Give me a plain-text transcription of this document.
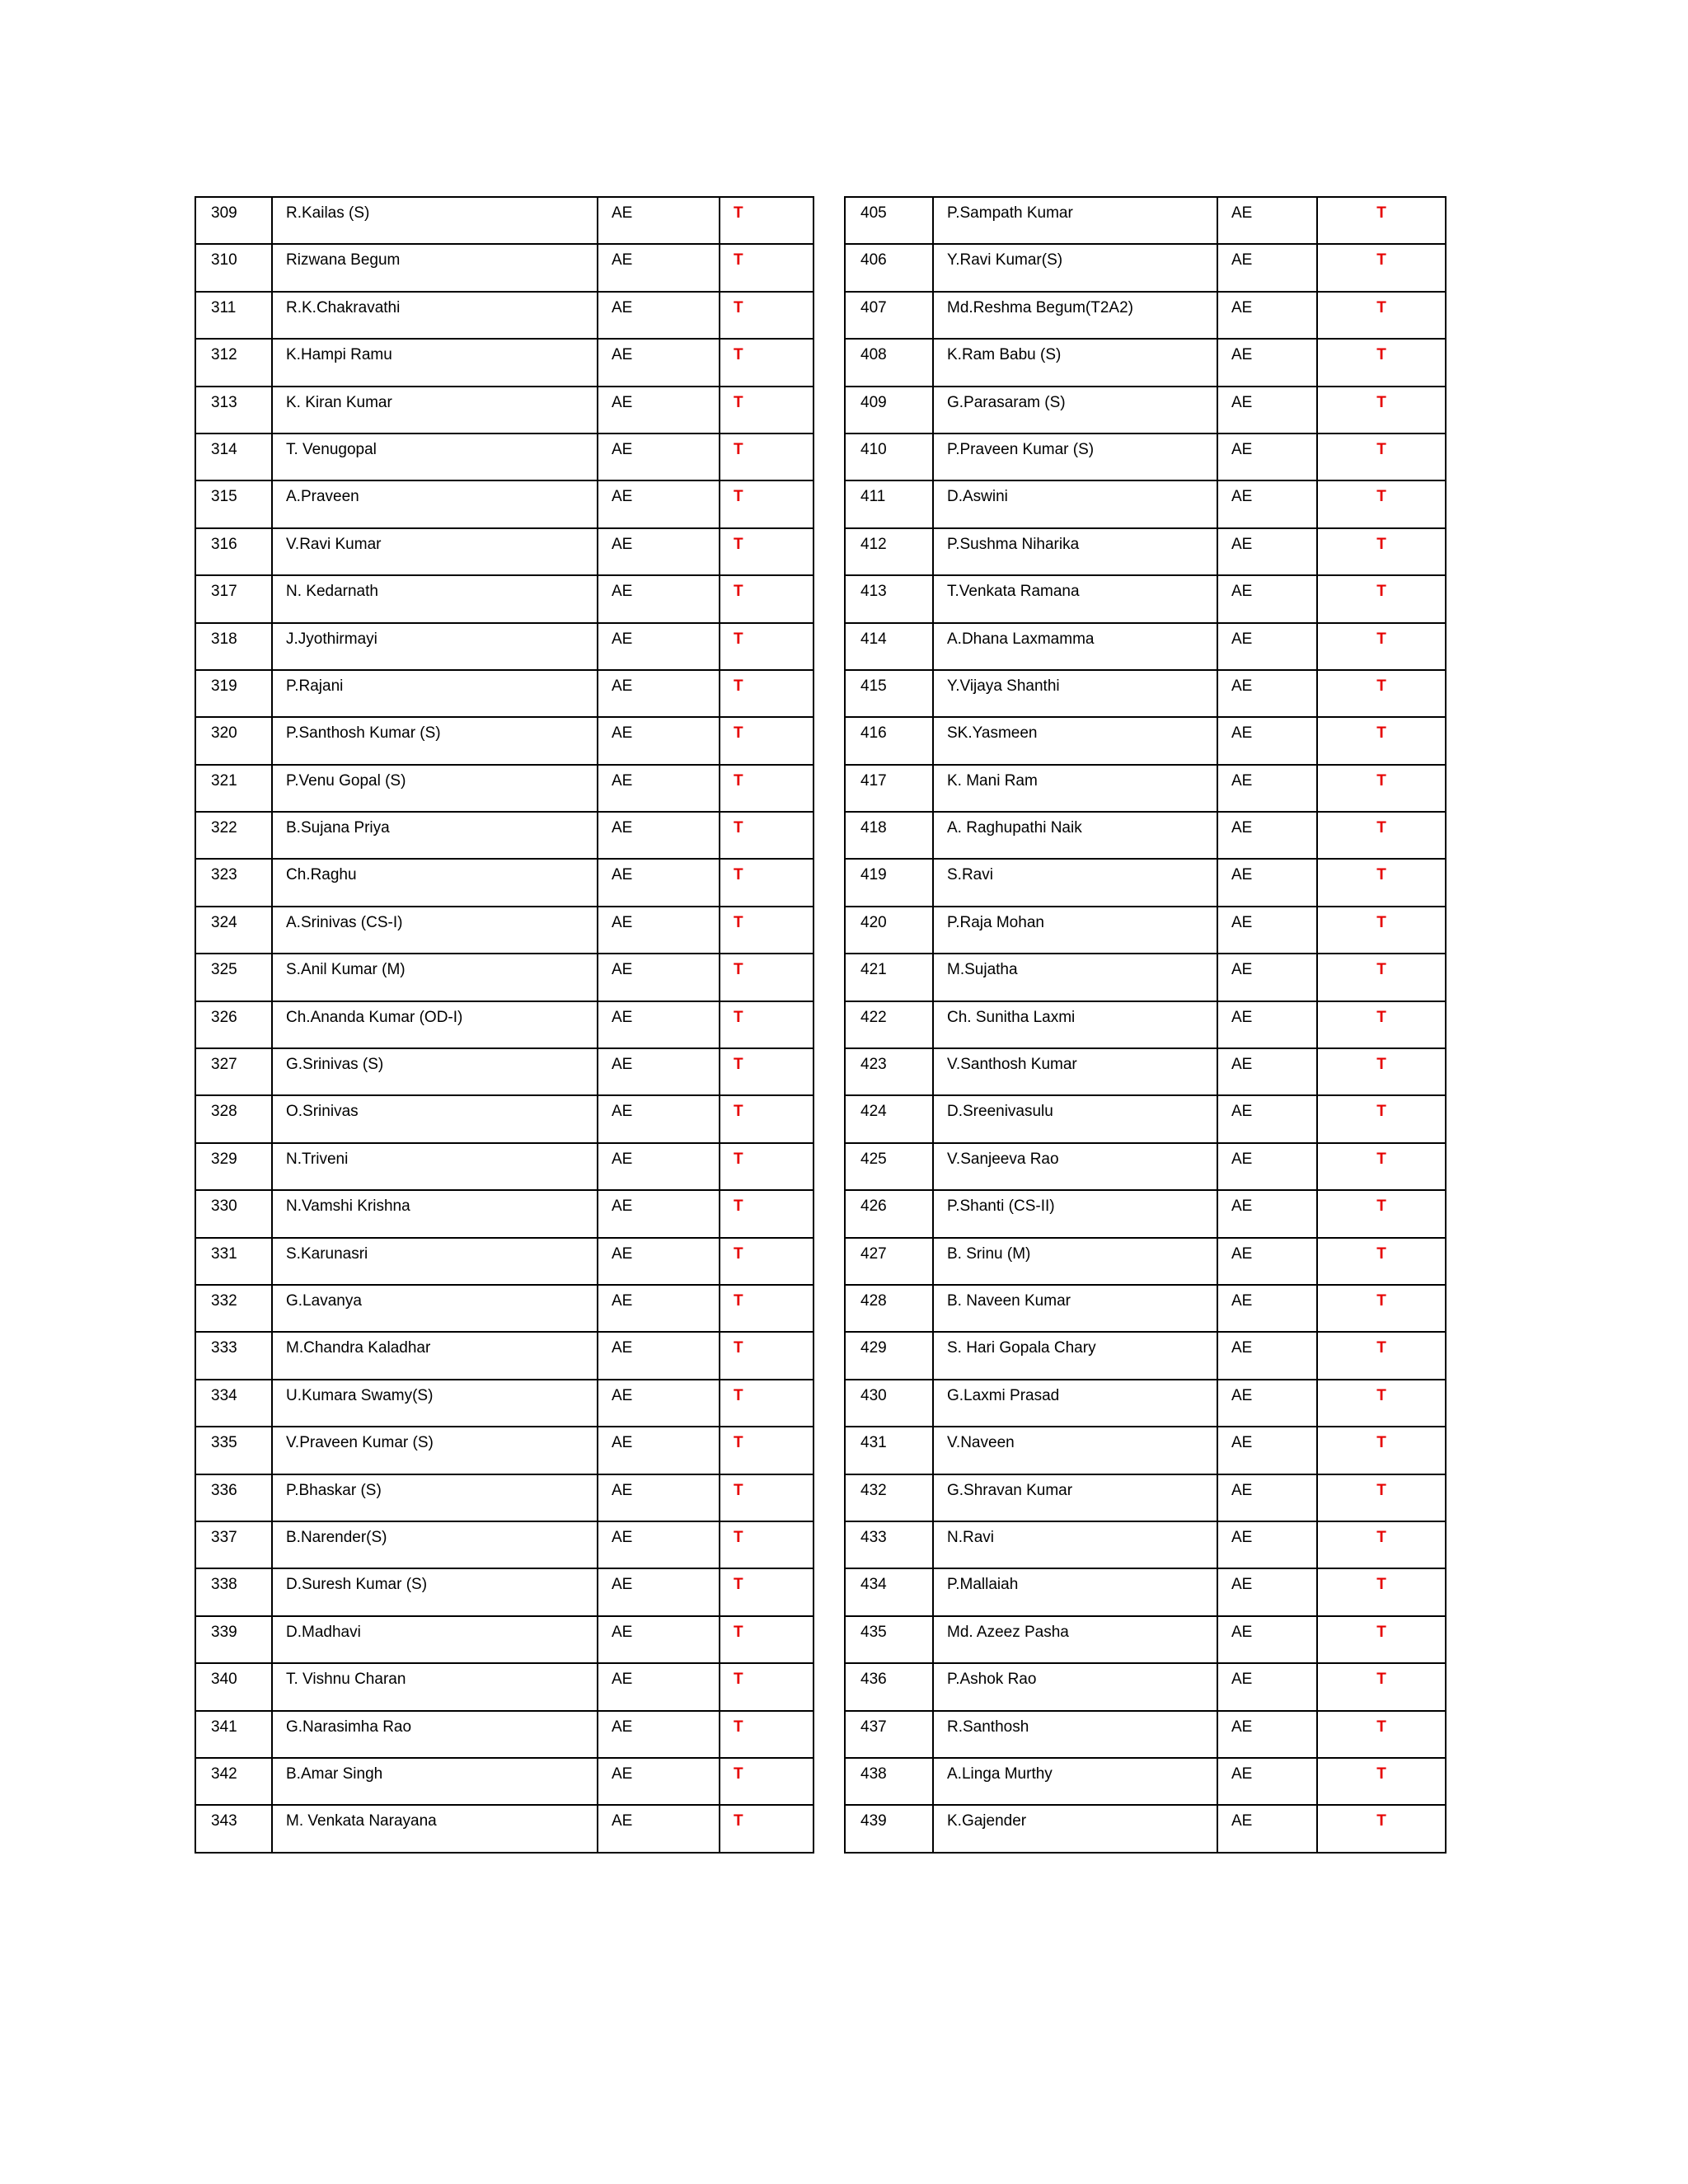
309	R.Kailas (S)	AE	T
310	Rizwana Begum	AE	T
311	R.K.Chakravathi	AE	T
312	K.Hampi Ramu	AE	T
313	K. Kiran Kumar	AE	T
314	T. Venugopal	AE	T
315	A.Praveen	AE	T
316	V.Ravi Kumar	AE	T
317	N. Kedarnath	AE	T
318	J.Jyothirmayi	AE	T
319	P.Rajani	AE	T
320	P.Santhosh Kumar (S)	AE	T
321	P.Venu Gopal (S)	AE	T
322	B.Sujana Priya	AE	T
323	Ch.Raghu	AE	T
324	A.Srinivas (CS-I)	AE	T
325	S.Anil Kumar (M)	AE	T
326	Ch.Ananda Kumar (OD-I)	AE	T
327	G.Srinivas (S)	AE	T
328	O.Srinivas	AE	T
329	N.Triveni	AE	T
330	N.Vamshi Krishna	AE	T
331	S.Karunasri	AE	T
332	G.Lavanya	AE	T
333	M.Chandra Kaladhar	AE	T
334	U.Kumara Swamy(S)	AE	T
335	V.Praveen Kumar (S)	AE	T
336	P.Bhaskar (S)	AE	T
337	B.Narender(S)	AE	T
338	D.Suresh Kumar (S)	AE	T
339	D.Madhavi	AE	T
340	T. Vishnu Charan	AE	T
341	G.Narasimha Rao	AE	T
342	B.Amar Singh	AE	T
343	M. Venkata Narayana	AE	T
405	P.Sampath Kumar	AE	T
406	Y.Ravi Kumar(S)	AE	T
407	Md.Reshma Begum(T2A2)	AE	T
408	K.Ram Babu (S)	AE	T
409	G.Parasaram (S)	AE	T
410	P.Praveen Kumar (S)	AE	T
411	D.Aswini	AE	T
412	P.Sushma Niharika	AE	T
413	T.Venkata Ramana	AE	T
414	A.Dhana Laxmamma	AE	T
415	Y.Vijaya Shanthi	AE	T
416	SK.Yasmeen	AE	T
417	K. Mani Ram	AE	T
418	A. Raghupathi Naik	AE	T
419	S.Ravi	AE	T
420	P.Raja Mohan	AE	T
421	M.Sujatha	AE	T
422	Ch. Sunitha Laxmi	AE	T
423	V.Santhosh Kumar	AE	T
424	D.Sreenivasulu	AE	T
425	V.Sanjeeva Rao	AE	T
426	P.Shanti (CS-II)	AE	T
427	B. Srinu (M)	AE	T
428	B. Naveen Kumar	AE	T
429	S. Hari Gopala Chary	AE	T
430	G.Laxmi Prasad	AE	T
431	V.Naveen	AE	T
432	G.Shravan Kumar	AE	T
433	N.Ravi	AE	T
434	P.Mallaiah	AE	T
435	Md. Azeez Pasha	AE	T
436	P.Ashok Rao	AE	T
437	R.Santhosh	AE	T
438	A.Linga Murthy	AE	T
439	K.Gajender	AE	T
